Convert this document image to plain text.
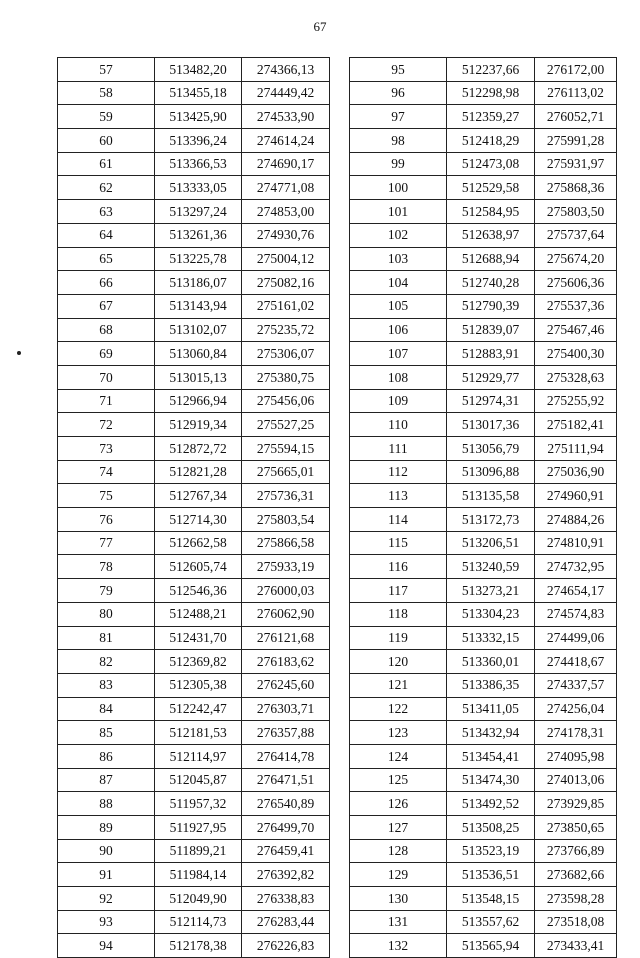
67
57	513482,20	274366,13
58	513455,18	274449,42
59	513425,90	274533,90
60	513396,24	274614,24
61	513366,53	274690,17
62	513333,05	274771,08
63	513297,24	274853,00
64	513261,36	274930,76
65	513225,78	275004,12
66	513186,07	275082,16
67	513143,94	275161,02
68	513102,07	275235,72
69	513060,84	275306,07
70	513015,13	275380,75
71	512966,94	275456,06
72	512919,34	275527,25
73	512872,72	275594,15
74	512821,28	275665,01
75	512767,34	275736,31
76	512714,30	275803,54
77	512662,58	275866,58
78	512605,74	275933,19
79	512546,36	276000,03
80	512488,21	276062,90
81	512431,70	276121,68
82	512369,82	276183,62
83	512305,38	276245,60
84	512242,47	276303,71
85	512181,53	276357,88
86	512114,97	276414,78
87	512045,87	276471,51
88	511957,32	276540,89
89	511927,95	276499,70
90	511899,21	276459,41
91	511984,14	276392,82
92	512049,90	276338,83
93	512114,73	276283,44
94	512178,38	276226,83
95	512237,66	276172,00
96	512298,98	276113,02
97	512359,27	276052,71
98	512418,29	275991,28
99	512473,08	275931,97
100	512529,58	275868,36
101	512584,95	275803,50
102	512638,97	275737,64
103	512688,94	275674,20
104	512740,28	275606,36
105	512790,39	275537,36
106	512839,07	275467,46
107	512883,91	275400,30
108	512929,77	275328,63
109	512974,31	275255,92
110	513017,36	275182,41
111	513056,79	275111,94
112	513096,88	275036,90
113	513135,58	274960,91
114	513172,73	274884,26
115	513206,51	274810,91
116	513240,59	274732,95
117	513273,21	274654,17
118	513304,23	274574,83
119	513332,15	274499,06
120	513360,01	274418,67
121	513386,35	274337,57
122	513411,05	274256,04
123	513432,94	274178,31
124	513454,41	274095,98
125	513474,30	274013,06
126	513492,52	273929,85
127	513508,25	273850,65
128	513523,19	273766,89
129	513536,51	273682,66
130	513548,15	273598,28
131	513557,62	273518,08
132	513565,94	273433,41
